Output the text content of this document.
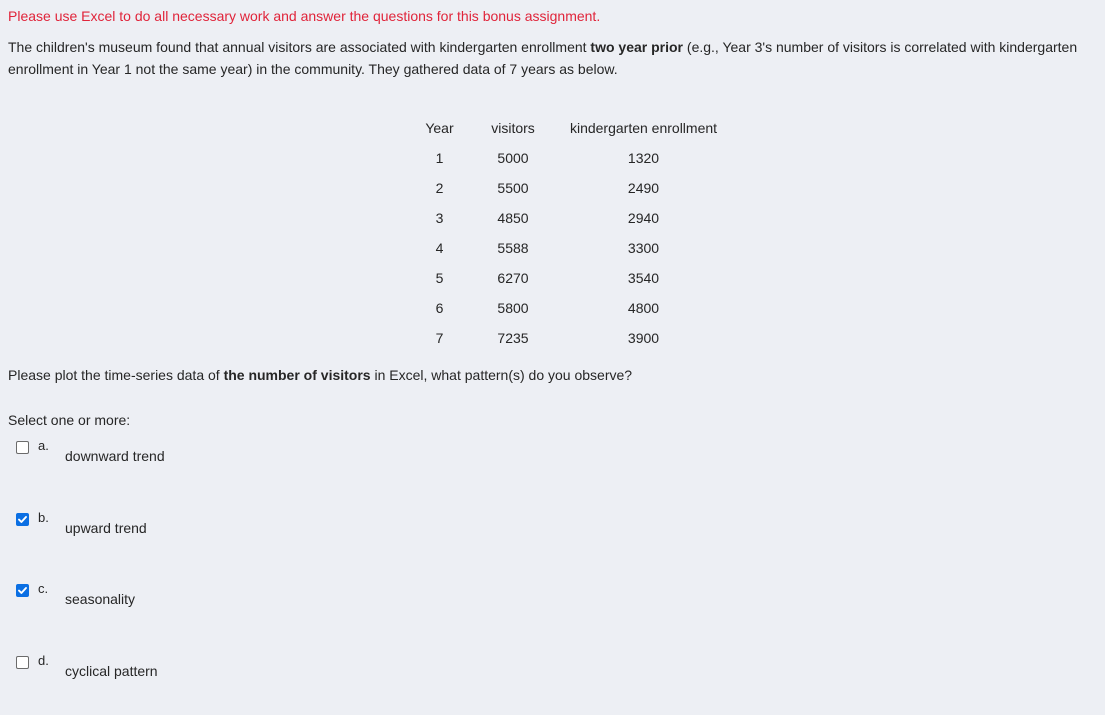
Please use Excel to do all necessary work and answer the questions for this bonus assignment.
The children's museum found that annual visitors are associated with kindergarten enrollment two year prior (e.g., Year 3's number of visitors is correlated with kindergarten enrollment in Year 1 not the same year) in the community. They gathered data of 7 years as below.
Year	visitors	kindergarten enrollment
1	5000	1320
2	5500	2490
3	4850	2940
4	5588	3300
5	6270	3540
6	5800	4800
7	7235	3900
Please plot the time-series data of the number of visitors in Excel, what pattern(s) do you observe?
Select one or more:
a.
downward trend
b.
upward trend
c.
seasonality
d.
cyclical pattern
